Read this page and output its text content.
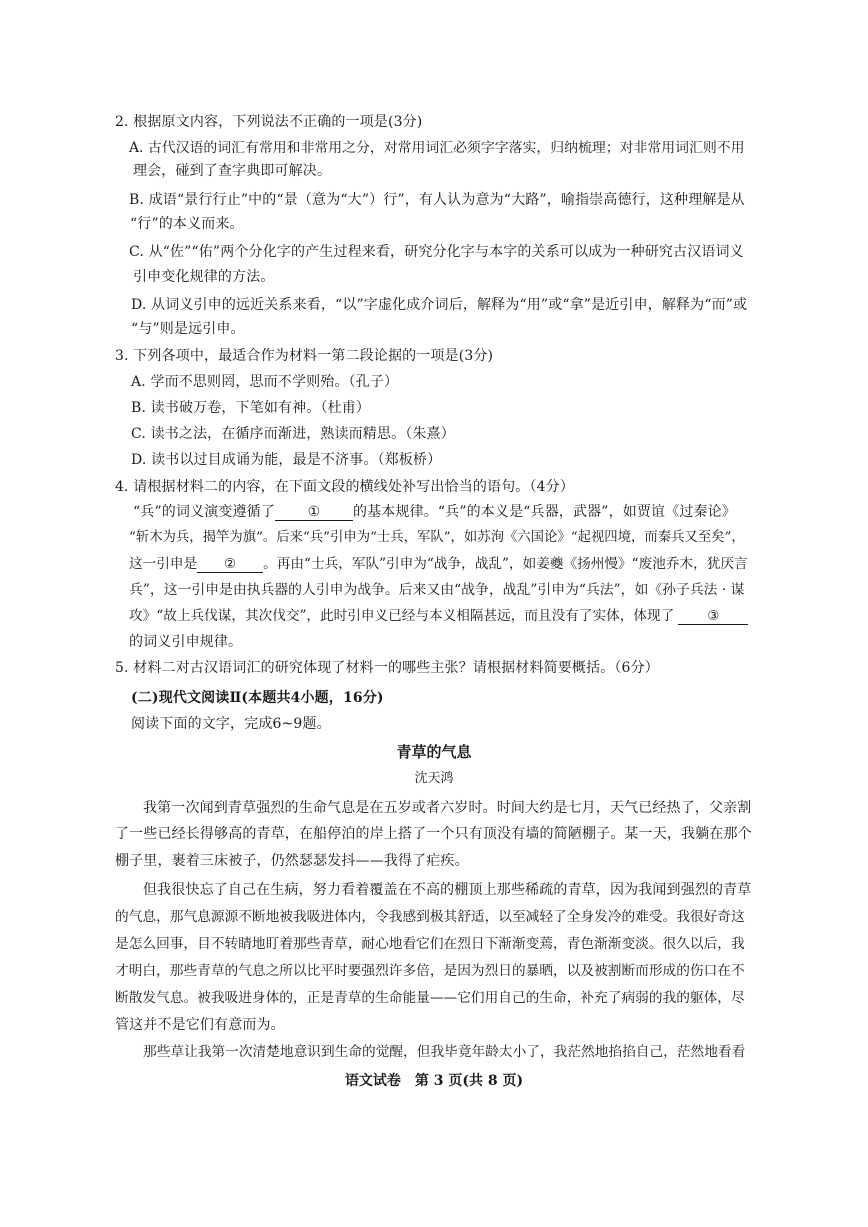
2. 根据原文内容，下列说法不正确的一项是(3分)
A. 古代汉语的词汇有常用和非常用之分，对常用词汇必须字字落实，归纳梳理；对非常用词汇则不用
理会，碰到了查字典即可解决。
B. 成语“景行行止”中的“景（意为“大”）行”，有人认为意为“大路”，喻指崇高德行，这种理解是从
“行”的本义而来。
C. 从“佐”“佑”两个分化字的产生过程来看，研究分化字与本字的关系可以成为一种研究古汉语词义
引申变化规律的方法。
D. 从词义引申的远近关系来看，“以”字虚化成介词后，解释为“用”或“拿”是近引申，解释为“而”或
“与”则是远引申。
3. 下列各项中，最适合作为材料一第二段论据的一项是(3分)
A. 学而不思则罔，思而不学则殆。（孔子）
B. 读书破万卷，下笔如有神。（杜甫）
C. 读书之法，在循序而渐进，熟读而精思。（朱熹）
D. 读书以过目成诵为能，最是不济事。（郑板桥）
4. 请根据材料二的内容，在下面文段的横线处补写出恰当的语句。（4分）
“兵”的词义演变遵循了 ① 的基本规律。“兵”的本义是“兵器，武器”，如贾谊《过秦论》
“斩木为兵，揭竿为旗”。后来“兵”引申为“士兵，军队”，如苏洵《六国论》“起视四境，而秦兵又至矣”，
这一引申是 ② 。再由“士兵，军队”引申为“战争，战乱”，如姜夔《扬州慢》“废池乔木，犹厌言
兵”，这一引申是由执兵器的人引申为战争。后来又由“战争，战乱”引申为“兵法”，如《孙子兵法 · 谋
攻》“故上兵伐谋，其次伐交”，此时引申义已经与本义相隔甚远，而且没有了实体，体现了 ③
的词义引申规律。
5. 材料二对古汉语词汇的研究体现了材料一的哪些主张？请根据材料简要概括。（6分）
(二)现代文阅读Ⅱ(本题共4小题，16分)
阅读下面的文字，完成6~9题。
青草的气息
沈天鸿
我第一次闻到青草强烈的生命气息是在五岁或者六岁时。时间大约是七月，天气已经热了，父亲割
了一些已经长得够高的青草，在船停泊的岸上搭了一个只有顶没有墙的简陋棚子。某一天，我躺在那个
棚子里，裹着三床被子，仍然瑟瑟发抖——我得了疟疾。
但我很快忘了自己在生病，努力看着覆盖在不高的棚顶上那些稀疏的青草，因为我闻到强烈的青草
的气息，那气息源源不断地被我吸进体内，令我感到极其舒适，以至减轻了全身发冷的难受。我很好奇这
是怎么回事，目不转睛地盯着那些青草，耐心地看它们在烈日下渐渐变蔫，青色渐渐变淡。很久以后，我
才明白，那些青草的气息之所以比平时要强烈许多倍，是因为烈日的暴晒，以及被割断而形成的伤口在不
断散发气息。被我吸进身体的，正是青草的生命能量——它们用自己的生命，补充了病弱的我的躯体，尽
管这并不是它们有意而为。
那些草让我第一次清楚地意识到生命的觉醒，但我毕竟年龄太小了，我茫然地掐掐自己，茫然地看看
语文试卷　第 3 页(共 8 页)
